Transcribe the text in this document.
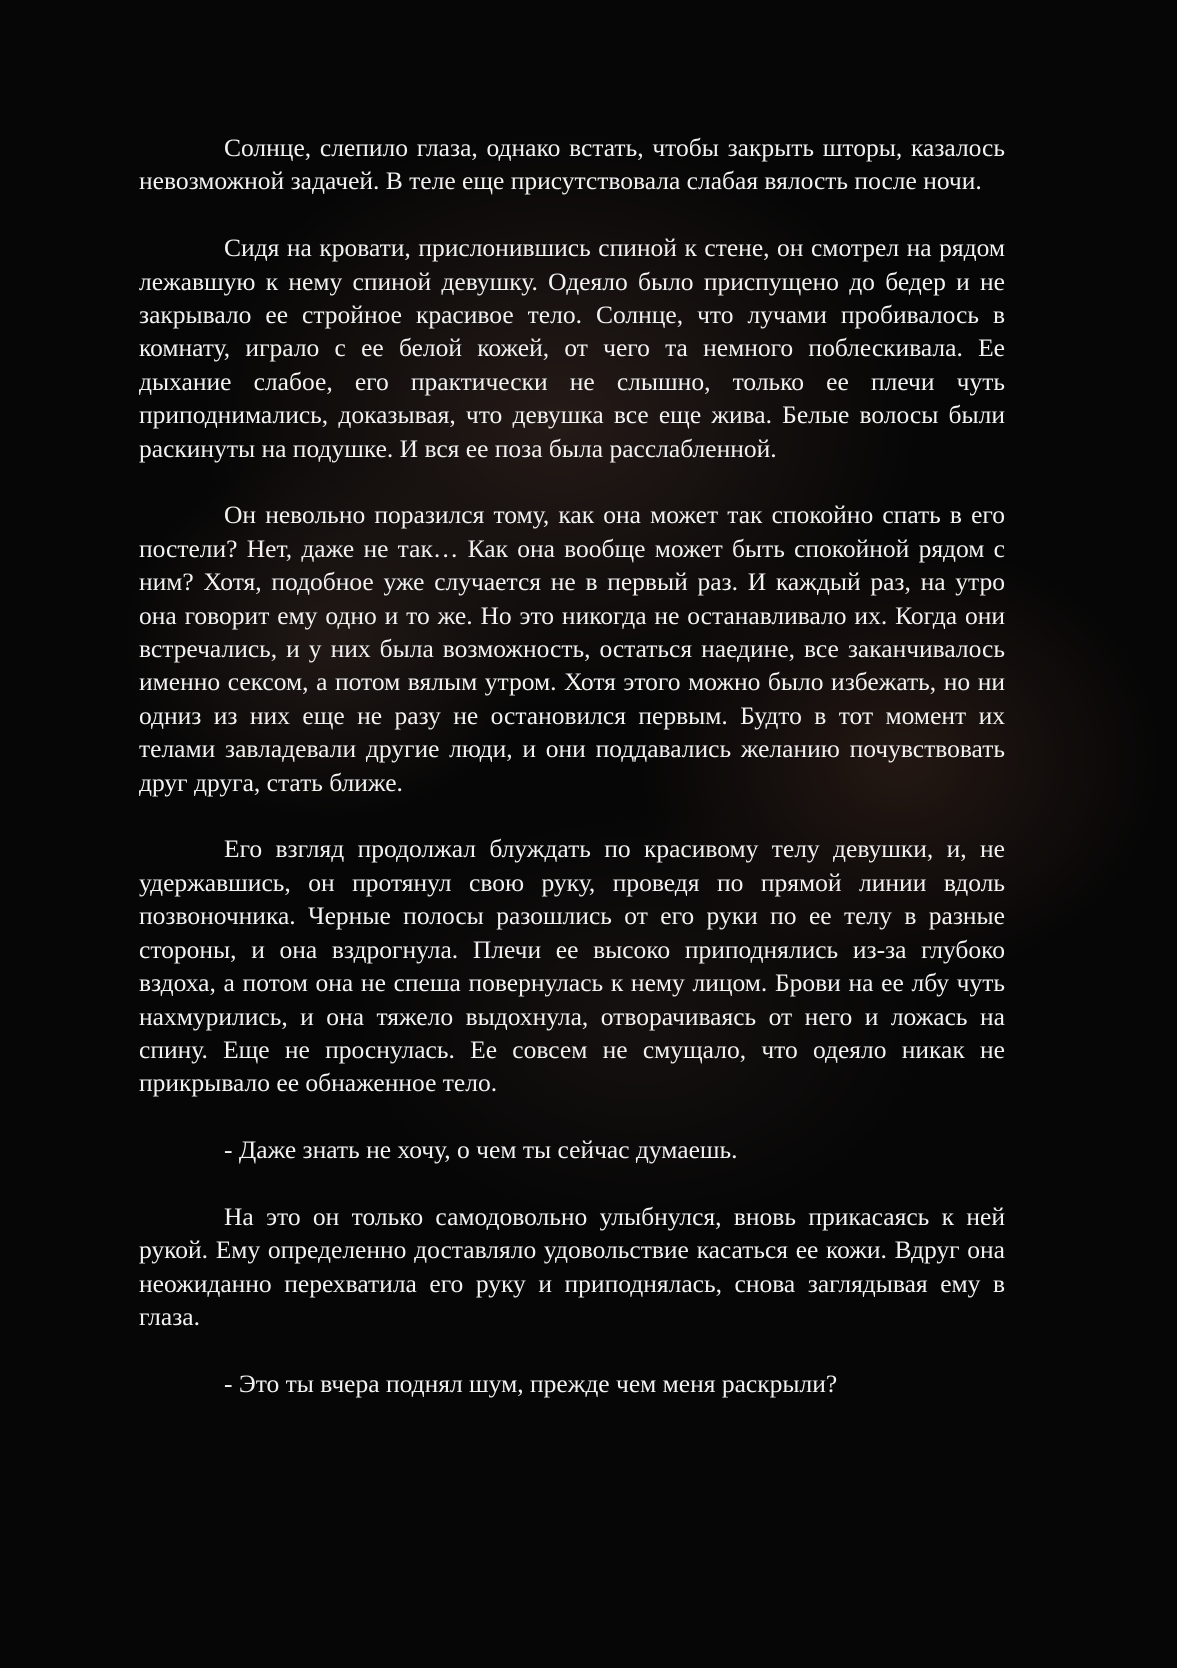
Солнце, слепило глаза, однако встать, чтобы закрыть шторы, казалось невозможной задачей. В теле еще присутствовала слабая вялость после ночи.

Сидя на кровати, прислонившись спиной к стене, он смотрел на рядом лежавшую к нему спиной девушку. Одеяло было приспущено до бедер и не закрывало ее стройное красивое тело. Солнце, что лучами пробивалось в комнату, играло с ее белой кожей, от чего та немного поблескивала. Ее дыхание слабое, его практически не слышно, только ее плечи чуть приподнимались, доказывая, что девушка все еще жива. Белые волосы были раскинуты на подушке. И вся ее поза была расслабленной.

Он невольно поразился тому, как она может так спокойно спать в его постели? Нет, даже не так… Как она вообще может быть спокойной рядом с ним? Хотя, подобное уже случается не в первый раз. И каждый раз, на утро она говорит ему одно и то же. Но это никогда не останавливало их. Когда они встречались, и у них была возможность, остаться наедине, все заканчивалось именно сексом, а потом вялым утром. Хотя этого можно было избежать, но ни одниз из них еще не разу не остановился первым. Будто в тот момент их телами завладевали другие люди, и они поддавались желанию почувствовать друг друга, стать ближе.

Его взгляд продолжал блуждать по красивому телу девушки, и, не удержавшись, он протянул свою руку, проведя по прямой линии вдоль позвоночника. Черные полосы разошлись от его руки по ее телу в разные стороны, и она вздрогнула. Плечи ее высоко приподнялись из-за глубоко вздоха, а потом она не спеша повернулась к нему лицом. Брови на ее лбу чуть нахмурились, и она тяжело выдохнула, отворачиваясь от него и ложась на спину. Еще не проснулась. Ее совсем не смущало, что одеяло никак не прикрывало ее обнаженное тело.

- Даже знать не хочу, о чем ты сейчас думаешь.

На это он только самодовольно улыбнулся, вновь прикасаясь к ней рукой. Ему определенно доставляло удовольствие касаться ее кожи. Вдруг она неожиданно перехватила его руку и приподнялась, снова заглядывая ему в глаза.

- Это ты вчера поднял шум, прежде чем меня раскрыли?
